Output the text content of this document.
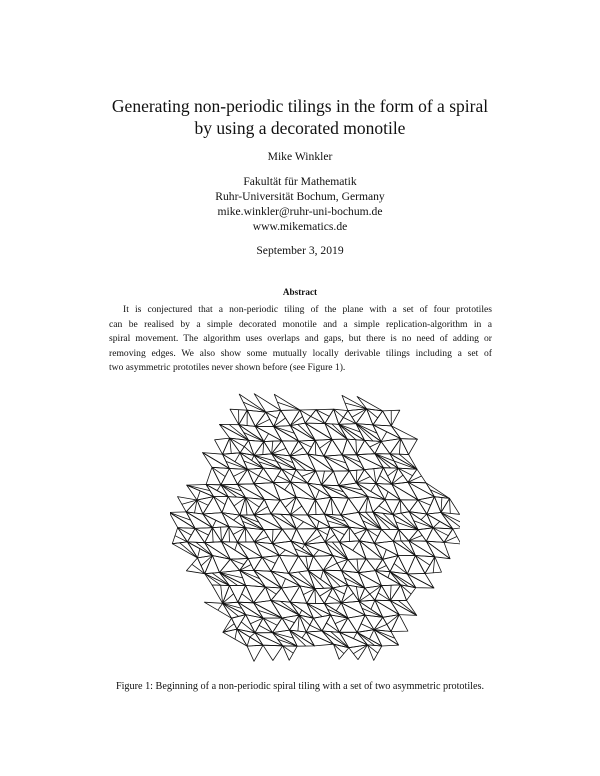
Generating non-periodic tilings in the form of a spiral
by using a decorated monotile
Mike Winkler
Fakultät für Mathematik
Ruhr-Universität Bochum, Germany
mike.winkler@ruhr-uni-bochum.de
www.mikematics.de
September 3, 2019
Abstract
It is conjectured that a non-periodic tiling of the plane with a set of four prototiles
can be realised by a simple decorated monotile and a simple replication-algorithm in a
spiral movement. The algorithm uses overlaps and gaps, but there is no need of adding or
removing edges. We also show some mutually locally derivable tilings including a set of
two asymmetric prototiles never shown before (see Figure 1).
Figure 1: Beginning of a non-periodic spiral tiling with a set of two asymmetric prototiles.
